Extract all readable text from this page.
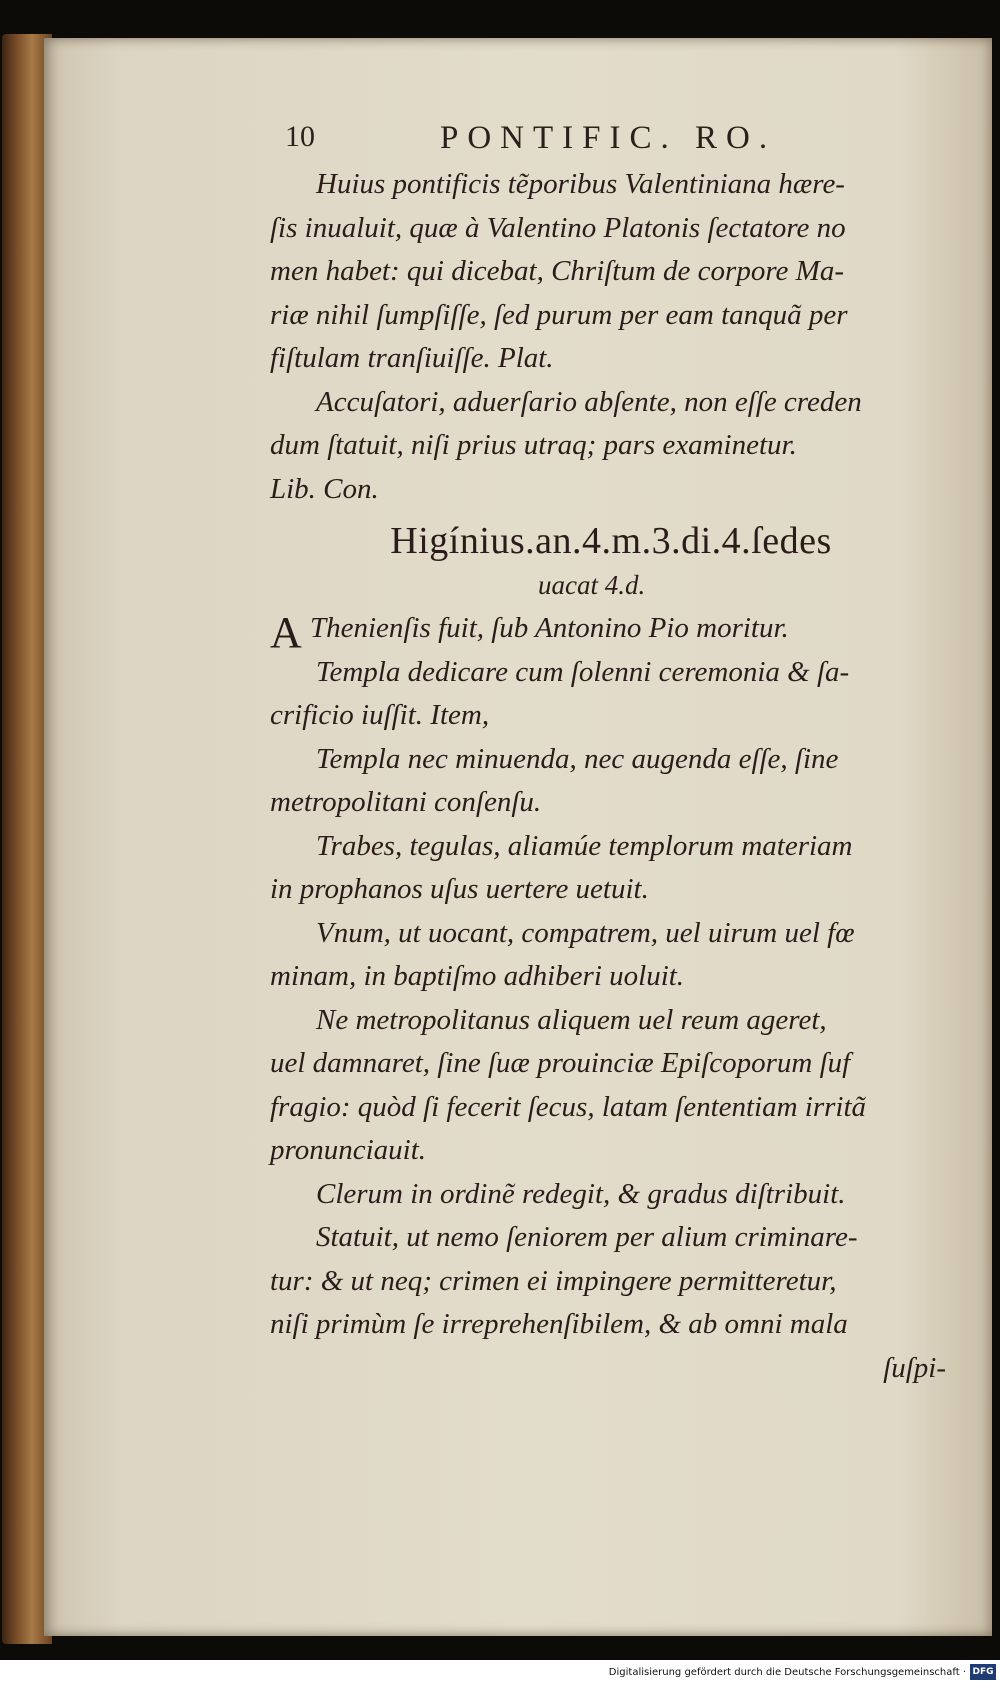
10	PONTIFIC. RO.
Huius pontificis tẽporibus Valentiniana hære-
ſis inualuit, quæ à Valentino Platonis ſectatore no
men habet: qui dicebat, Chriſtum de corpore Ma-
riæ nihil ſumpſiſſe, ſed purum per eam tanquã per
fiſtulam tranſiuiſſe. Plat.
Accuſatori, aduerſario abſente, non eſſe creden
dum ſtatuit, niſi prius utraq; pars examinetur.
Lib. Con.
Higínius.an.4.m.3.di.4.ſedes
uacat 4.d.
A Thenienſis fuit, ſub Antonino Pio moritur.
Templa dedicare cum ſolenni ceremonia & ſa-
crificio iuſſit. Item,
Templa nec minuenda, nec augenda eſſe, ſine
metropolitani conſenſu.
Trabes, tegulas, aliamúe templorum materiam
in prophanos uſus uertere uetuit.
Vnum, ut uocant, compatrem, uel uirum uel fœ
minam, in baptiſmo adhiberi uoluit.
Ne metropolitanus aliquem uel reum ageret,
uel damnaret, ſine ſuæ prouinciæ Epiſcoporum ſuf
fragio: quòd ſi fecerit ſecus, latam ſententiam irritã
pronunciauit.
Clerum in ordinẽ redegit, & gradus diſtribuit.
Statuit, ut nemo ſeniorem per alium criminare-
tur: & ut neq; crimen ei impingere permitteretur,
niſi primùm ſe irreprehenſibilem, & ab omni mala
ſuſpi-
Digitalisierung gefördert durch die Deutsche Forschungsgemeinschaft · DFG
